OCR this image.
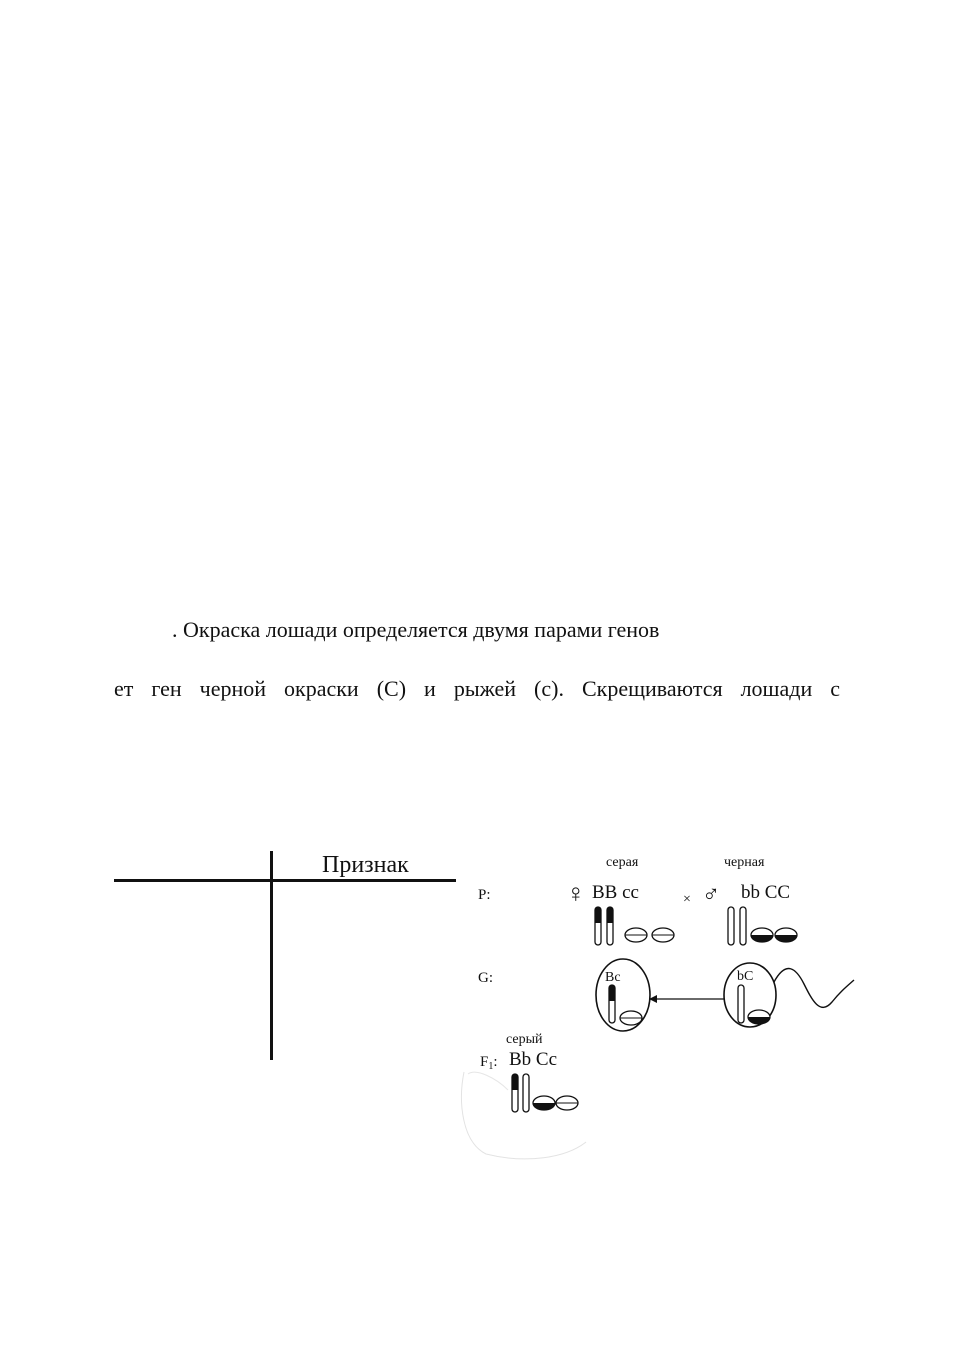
. Окраска лошади определяется двумя парами генов
ет ген черной окраски (С) и рыжей (с). Скрещиваются лошади с
Признак	серая	черная
P:	♀ BB cc	× ♂ bb CC
G:	Bc	bC
серый
$F_1$: Bb Cc
